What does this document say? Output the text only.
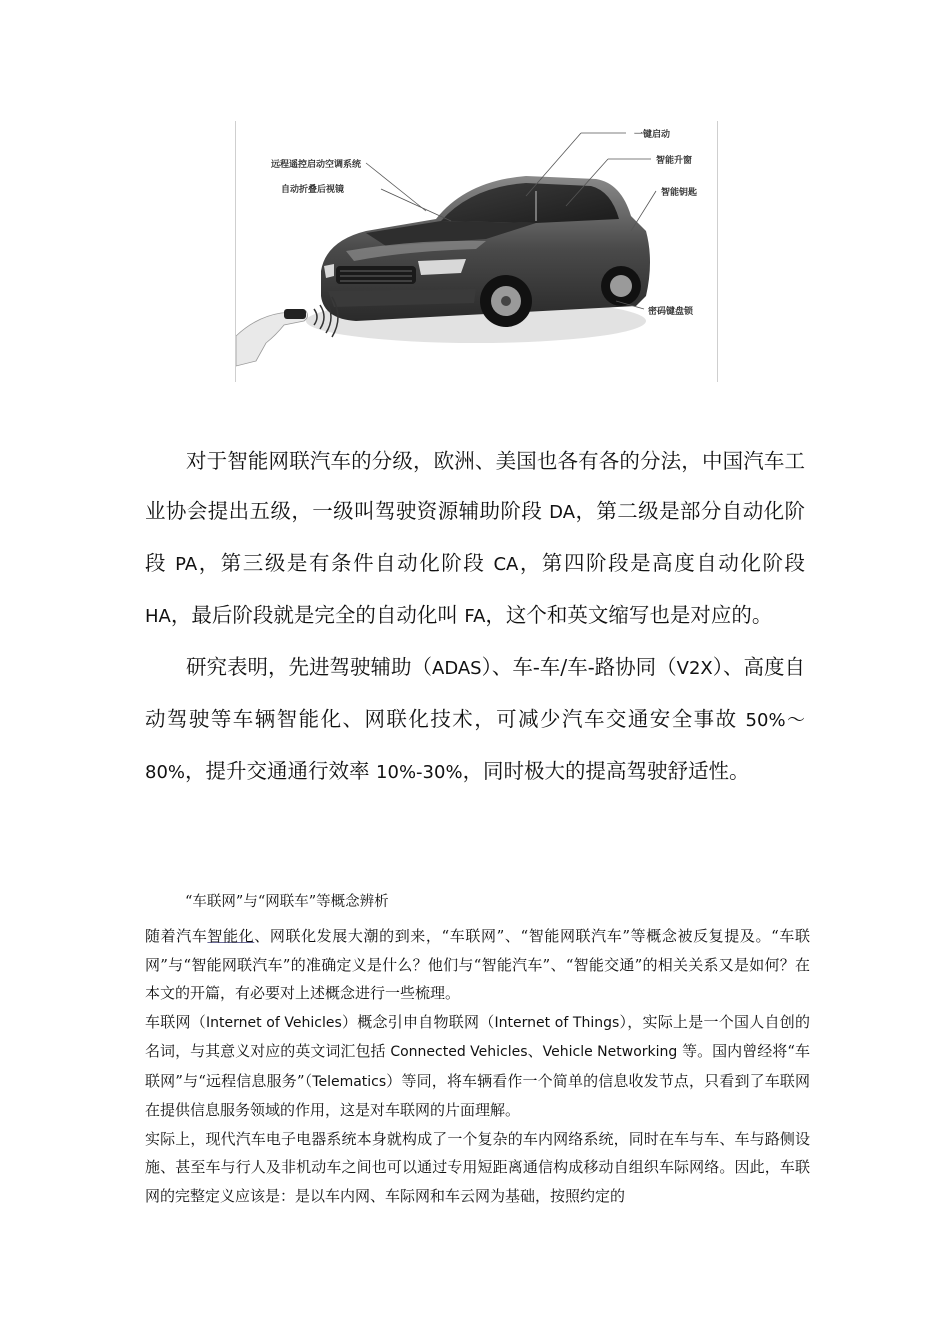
一键启动
远程遥控启动空调系统	智能升窗
自动折叠后视镜	智能钥匙
密码键盘锁

对于智能网联汽车的分级，欧洲、美国也各有各的分法，中国汽车工业协会提出五级，一级叫驾驶资源辅助阶段 DA，第二级是部分自动化阶段 PA，第三级是有条件自动化阶段 CA，第四阶段是高度自动化阶段 HA，最后阶段就是完全的自动化叫 FA，这个和英文缩写也是对应的。

研究表明，先进驾驶辅助（ADAS）、车-车/车-路协同（V2X）、高度自动驾驶等车辆智能化、网联化技术，可减少汽车交通安全事故 50%～80%，提升交通通行效率 10%-30%，同时极大的提高驾驶舒适性。

“车联网”与“网联车”等概念辨析

随着汽车智能化、网联化发展大潮的到来，“车联网”、“智能网联汽车”等概念被反复提及。“车联网”与“智能网联汽车”的准确定义是什么？他们与“智能汽车”、“智能交通”的相关关系又是如何？在本文的开篇，有必要对上述概念进行一些梳理。

车联网（Internet of Vehicles）概念引申自物联网（Internet of Things），实际上是一个国人自创的名词，与其意义对应的英文词汇包括 Connected Vehicles、Vehicle Networking 等。国内曾经将“车联网”与“远程信息服务”（Telematics）等同，将车辆看作一个简单的信息收发节点，只看到了车联网在提供信息服务领域的作用，这是对车联网的片面理解。

实际上，现代汽车电子电器系统本身就构成了一个复杂的车内网络系统，同时在车与车、车与路侧设施、甚至车与行人及非机动车之间也可以通过专用短距离通信构成移动自组织车际网络。因此，车联网的完整定义应该是：是以车内网、车际网和车云网为基础，按照约定的
